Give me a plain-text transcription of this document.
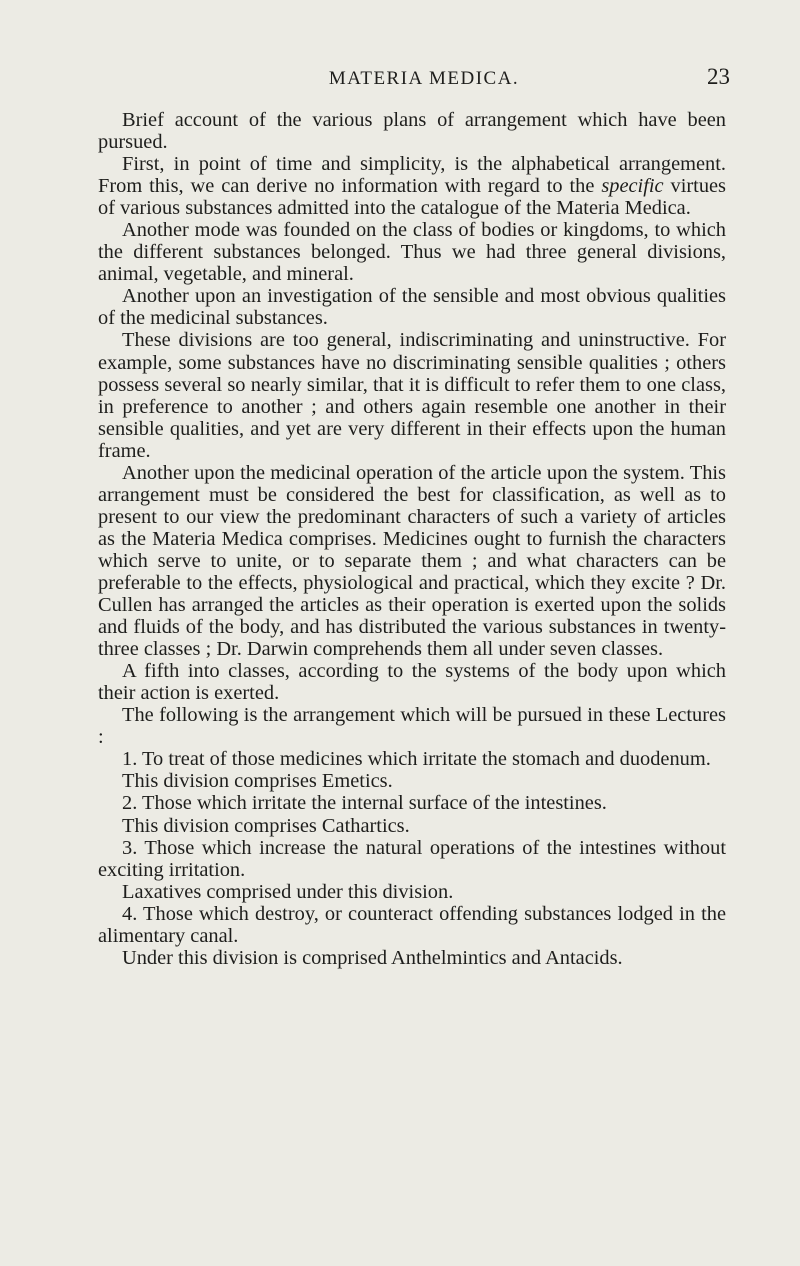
MATERIA MEDICA.	23

Brief account of the various plans of arrangement which have been pursued.

First, in point of time and simplicity, is the alphabetical arrangement. From this, we can derive no information with regard to the specific virtues of various substances admitted into the catalogue of the Materia Medica.

Another mode was founded on the class of bodies or kingdoms, to which the different substances belonged. Thus we had three general divisions, animal, vegetable, and mineral.

Another upon an investigation of the sensible and most obvious qualities of the medicinal substances.

These divisions are too general, indiscriminating and uninstructive. For example, some substances have no discriminating sensible qualities ; others possess several so nearly similar, that it is difficult to refer them to one class, in preference to another ; and others again resemble one another in their sensible qualities, and yet are very different in their effects upon the human frame.

Another upon the medicinal operation of the article upon the system. This arrangement must be considered the best for classification, as well as to present to our view the predominant characters of such a variety of articles as the Materia Medica comprises. Medicines ought to furnish the characters which serve to unite, or to separate them ; and what characters can be preferable to the effects, physiological and practical, which they excite ? Dr. Cullen has arranged the articles as their operation is exerted upon the solids and fluids of the body, and has distributed the various substances in twenty-three classes ; Dr. Darwin comprehends them all under seven classes.

A fifth into classes, according to the systems of the body upon which their action is exerted.

The following is the arrangement which will be pursued in these Lectures :

1. To treat of those medicines which irritate the stomach and duodenum.

This division comprises Emetics.

2. Those which irritate the internal surface of the intestines.

This division comprises Cathartics.

3. Those which increase the natural operations of the intestines without exciting irritation.

Laxatives comprised under this division.

4. Those which destroy, or counteract offending substances lodged in the alimentary canal.

Under this division is comprised Anthelmintics and Antacids.
